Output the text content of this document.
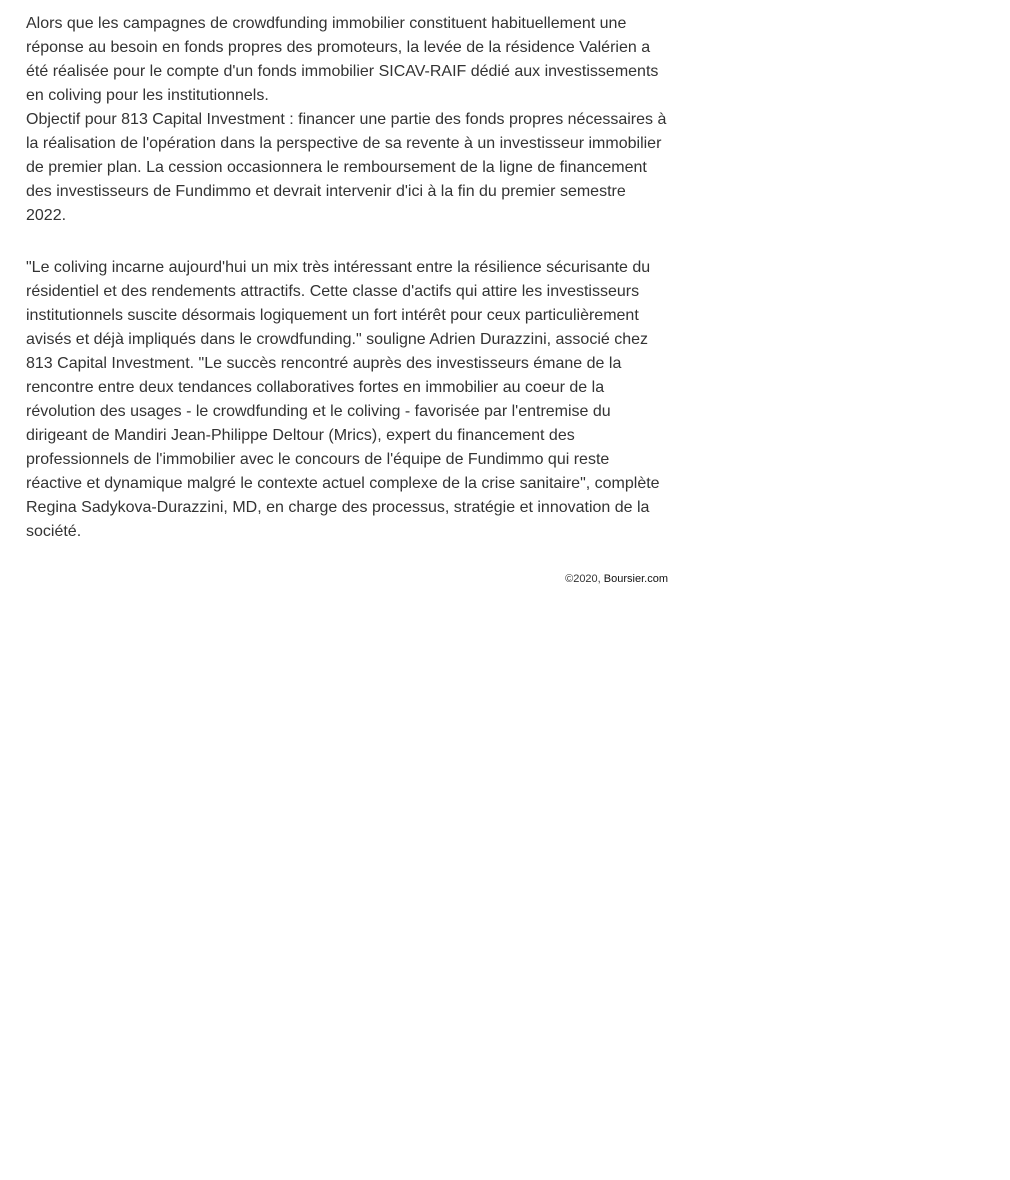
Alors que les campagnes de crowdfunding immobilier constituent habituellement une réponse au besoin en fonds propres des promoteurs, la levée de la résidence Valérien a été réalisée pour le compte d'un fonds immobilier SICAV-RAIF dédié aux investissements en coliving pour les institutionnels.

Objectif pour 813 Capital Investment : financer une partie des fonds propres nécessaires à la réalisation de l'opération dans la perspective de sa revente à un investisseur immobilier de premier plan. La cession occasionnera le remboursement de la ligne de financement des investisseurs de Fundimmo et devrait intervenir d'ici à la fin du premier semestre 2022.

"Le coliving incarne aujourd'hui un mix très intéressant entre la résilience sécurisante du résidentiel et des rendements attractifs. Cette classe d'actifs qui attire les investisseurs institutionnels suscite désormais logiquement un fort intérêt pour ceux particulièrement avisés et déjà impliqués dans le crowdfunding." souligne Adrien Durazzini, associé chez 813 Capital Investment. "Le succès rencontré auprès des investisseurs émane de la rencontre entre deux tendances collaboratives fortes en immobilier au coeur de la révolution des usages - le crowdfunding et le coliving - favorisée par l'entremise du dirigeant de Mandiri Jean-Philippe Deltour (Mrics), expert du financement des professionnels de l'immobilier avec le concours de l'équipe de Fundimmo qui reste réactive et dynamique malgré le contexte actuel complexe de la crise sanitaire", complète Regina Sadykova-Durazzini, MD, en charge des processus, stratégie et innovation de la société.

©2020, Boursier.com
